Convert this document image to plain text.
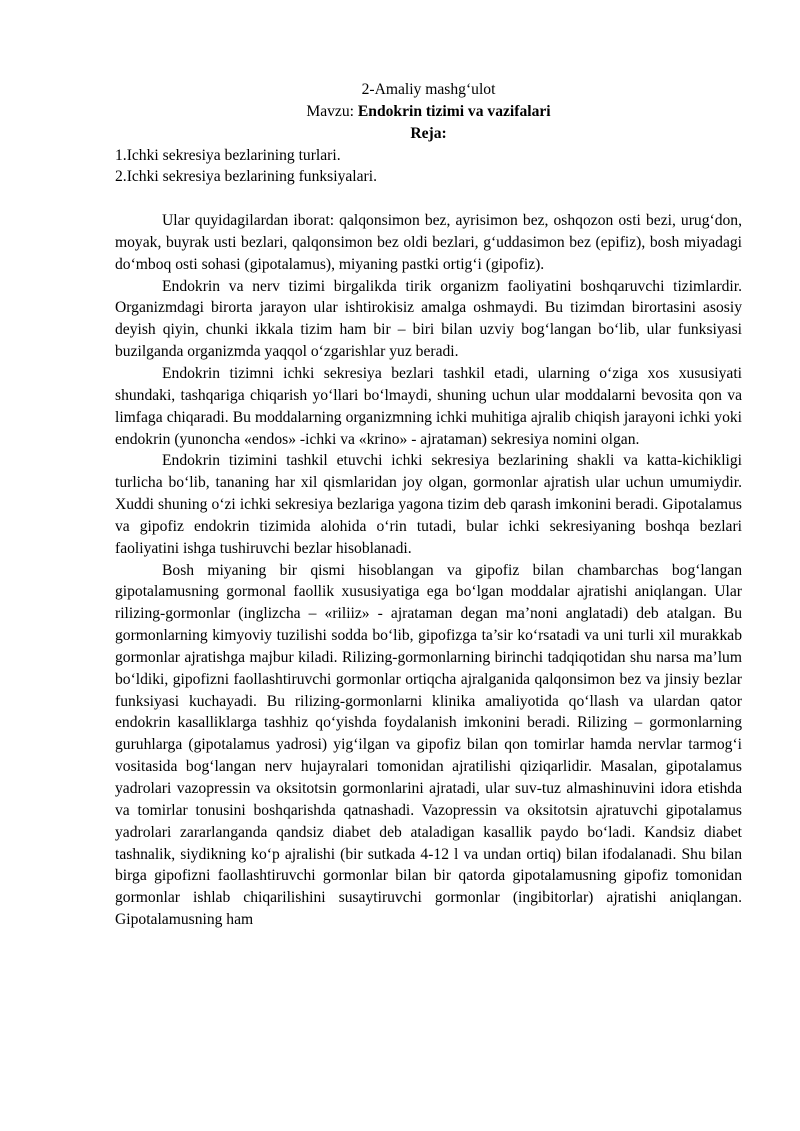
2-Amaliy mashg‘ulot

Mavzu: Endokrin tizimi va vazifalari

Reja:

1.Ichki sekresiya bezlarining turlari.

2.Ichki sekresiya bezlarining funksiyalari.

Ular quyidagilardan iborat: qalqonsimon bez, ayrisimon bez, oshqozon osti bezi, urug‘don, moyak, buyrak usti bezlari, qalqonsimon bez oldi bezlari, g‘uddasimon bez (epifiz), bosh miyadagi do‘mboq osti sohasi (gipotalamus), miyaning pastki ortig‘i (gipofiz).

Endokrin va nerv tizimi birgalikda tirik organizm faoliyatini boshqaruvchi tizimlardir. Organizmdagi birorta jarayon ular ishtirokisiz amalga oshmaydi. Bu tizimdan birortasini asosiy deyish qiyin, chunki ikkala tizim ham bir – biri bilan uzviy bog‘langan bo‘lib, ular funksiyasi buzilganda organizmda yaqqol o‘zgarishlar yuz beradi.

Endokrin tizimni ichki sekresiya bezlari tashkil etadi, ularning o‘ziga xos xususiyati shundaki, tashqariga chiqarish yo‘llari bo‘lmaydi, shuning uchun ular moddalarni bevosita qon va limfaga chiqaradi. Bu moddalarning organizmning ichki muhitiga ajralib chiqish jarayoni ichki yoki endokrin (yunoncha «endos» -ichki va «krino» - ajrataman) sekresiya nomini olgan.

Endokrin tizimini tashkil etuvchi ichki sekresiya bezlarining shakli va katta-kichikligi turlicha bo‘lib, tananing har xil qismlaridan joy olgan, gormonlar ajratish ular uchun umumiydir. Xuddi shuning o‘zi ichki sekresiya bezlariga yagona tizim deb qarash imkonini beradi. Gipotalamus va gipofiz endokrin tizimida alohida o‘rin tutadi, bular ichki sekresiyaning boshqa bezlari faoliyatini ishga tushiruvchi bezlar hisoblanadi.

Bosh miyaning bir qismi hisoblangan va gipofiz bilan chambarchas bog‘langan gipotalamusning gormonal faollik xususiyatiga ega bo‘lgan moddalar ajratishi aniqlangan. Ular rilizing-gormonlar (inglizcha – «riliiz» - ajrataman degan ma’noni anglatadi) deb atalgan. Bu gormonlarning kimyoviy tuzilishi sodda bo‘lib, gipofizga ta’sir ko‘rsatadi va uni turli xil murakkab gormonlar ajratishga majbur kiladi. Rilizing-gormonlarning birinchi tadqiqotidan shu narsa ma’lum bo‘ldiki, gipofizni faollashtiruvchi gormonlar ortiqcha ajralganida qalqonsimon bez va jinsiy bezlar funksiyasi kuchayadi. Bu rilizing-gormonlarni klinika amaliyotida qo‘llash va ulardan qator endokrin kasalliklarga tashhiz qo‘yishda foydalanish imkonini beradi. Rilizing – gormonlarning guruhlarga (gipotalamus yadrosi) yig‘ilgan va gipofiz bilan qon tomirlar hamda nervlar tarmog‘i vositasida bog‘langan nerv hujayralari tomonidan ajratilishi qiziqarlidir. Masalan, gipotalamus yadrolari vazopressin va oksitotsin gormonlarini ajratadi, ular suv-tuz almashinuvini idora etishda va tomirlar tonusini boshqarishda qatnashadi. Vazopressin va oksitotsin ajratuvchi gipotalamus yadrolari zararlanganda qandsiz diabet deb ataladigan kasallik paydo bo‘ladi. Kandsiz diabet tashnalik, siydikning ko‘p ajralishi (bir sutkada 4-12 l va undan ortiq) bilan ifodalanadi. Shu bilan birga gipofizni faollashtiruvchi gormonlar bilan bir qatorda gipotalamusning gipofiz tomonidan gormonlar ishlab chiqarilishini susaytiruvchi gormonlar (ingibitorlar) ajratishi aniqlangan. Gipotalamusning ham
